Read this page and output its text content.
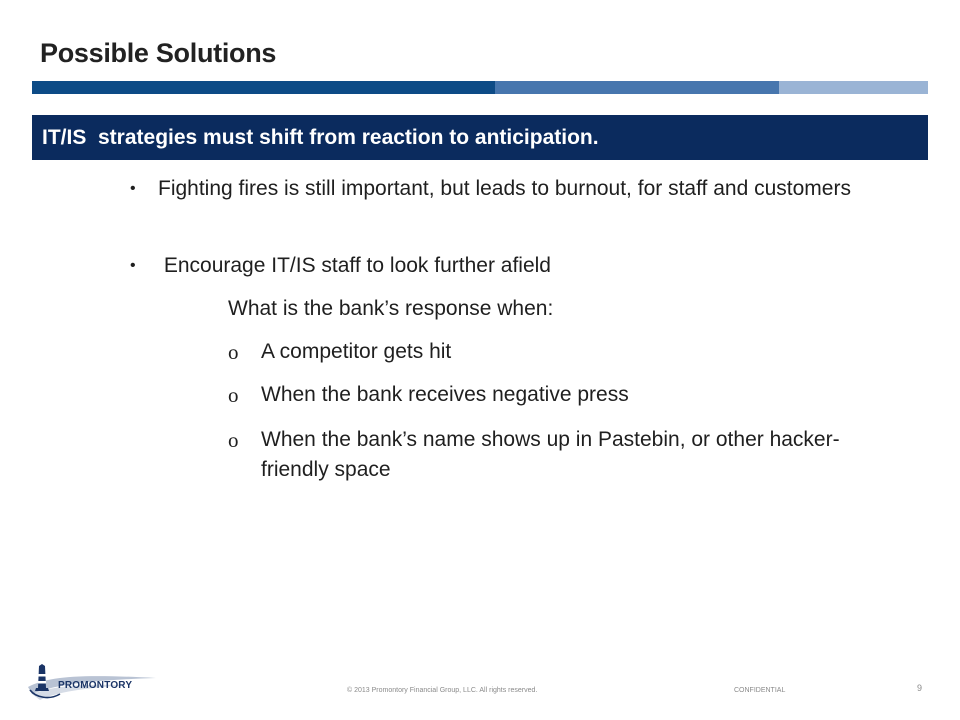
Possible Solutions
IT/IS  strategies must shift from reaction to anticipation.
• Fighting fires is still important, but leads to burnout, for staff and customers
• Encourage IT/IS staff to look further afield
What is the bank’s response when:
o A competitor gets hit
o When the bank receives negative press
o When the bank’s name shows up in Pastebin, or other hacker-friendly space
PROMONTORY	© 2013 Promontory Financial Group, LLC. All rights reserved.	CONFIDENTIAL	9
